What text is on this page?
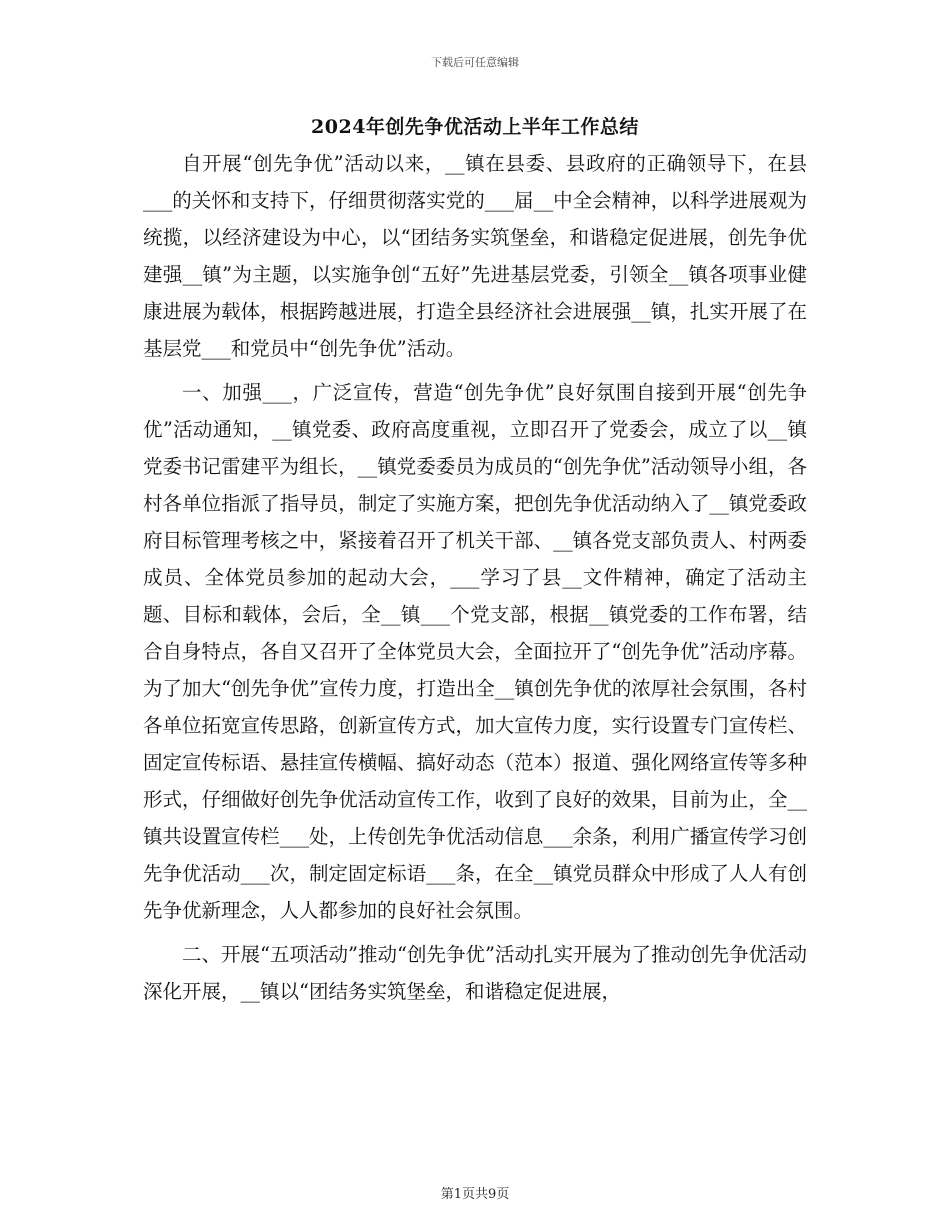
下载后可任意编辑
2024年创先争优活动上半年工作总结

自开展“创先争优”活动以来，__镇在县委、县政府的正确领导下，在县___的关怀和支持下，仔细贯彻落实党的___届__中全会精神，以科学进展观为统揽，以经济建设为中心，以“团结务实筑堡垒，和谐稳定促进展，创先争优建强__镇”为主题，以实施争创“五好”先进基层党委，引领全__镇各项事业健康进展为载体，根据跨越进展，打造全县经济社会进展强__镇，扎实开展了在基层党___和党员中“创先争优”活动。

一、加强___，广泛宣传，营造“创先争优”良好氛围自接到开展“创先争优”活动通知，__镇党委、政府高度重视，立即召开了党委会，成立了以__镇党委书记雷建平为组长，__镇党委委员为成员的“创先争优”活动领导小组，各村各单位指派了指导员，制定了实施方案，把创先争优活动纳入了__镇党委政府目标管理考核之中，紧接着召开了机关干部、__镇各党支部负责人、村两委成员、全体党员参加的起动大会，___学习了县__文件精神，确定了活动主题、目标和载体，会后，全__镇___个党支部，根据__镇党委的工作布署，结合自身特点，各自又召开了全体党员大会，全面拉开了“创先争优”活动序幕。为了加大“创先争优”宣传力度，打造出全__镇创先争优的浓厚社会氛围，各村各单位拓宽宣传思路，创新宣传方式，加大宣传力度，实行设置专门宣传栏、固定宣传标语、悬挂宣传横幅、搞好动态（范本）报道、强化网络宣传等多种形式，仔细做好创先争优活动宣传工作，收到了良好的效果，目前为止，全__镇共设置宣传栏___处，上传创先争优活动信息___余条，利用广播宣传学习创先争优活动___次，制定固定标语___条，在全__镇党员群众中形成了人人有创先争优新理念，人人都参加的良好社会氛围。

二、开展“五项活动”推动“创先争优”活动扎实开展为了推动创先争优活动深化开展，__镇以“团结务实筑堡垒，和谐稳定促进展，

第1页共9页
